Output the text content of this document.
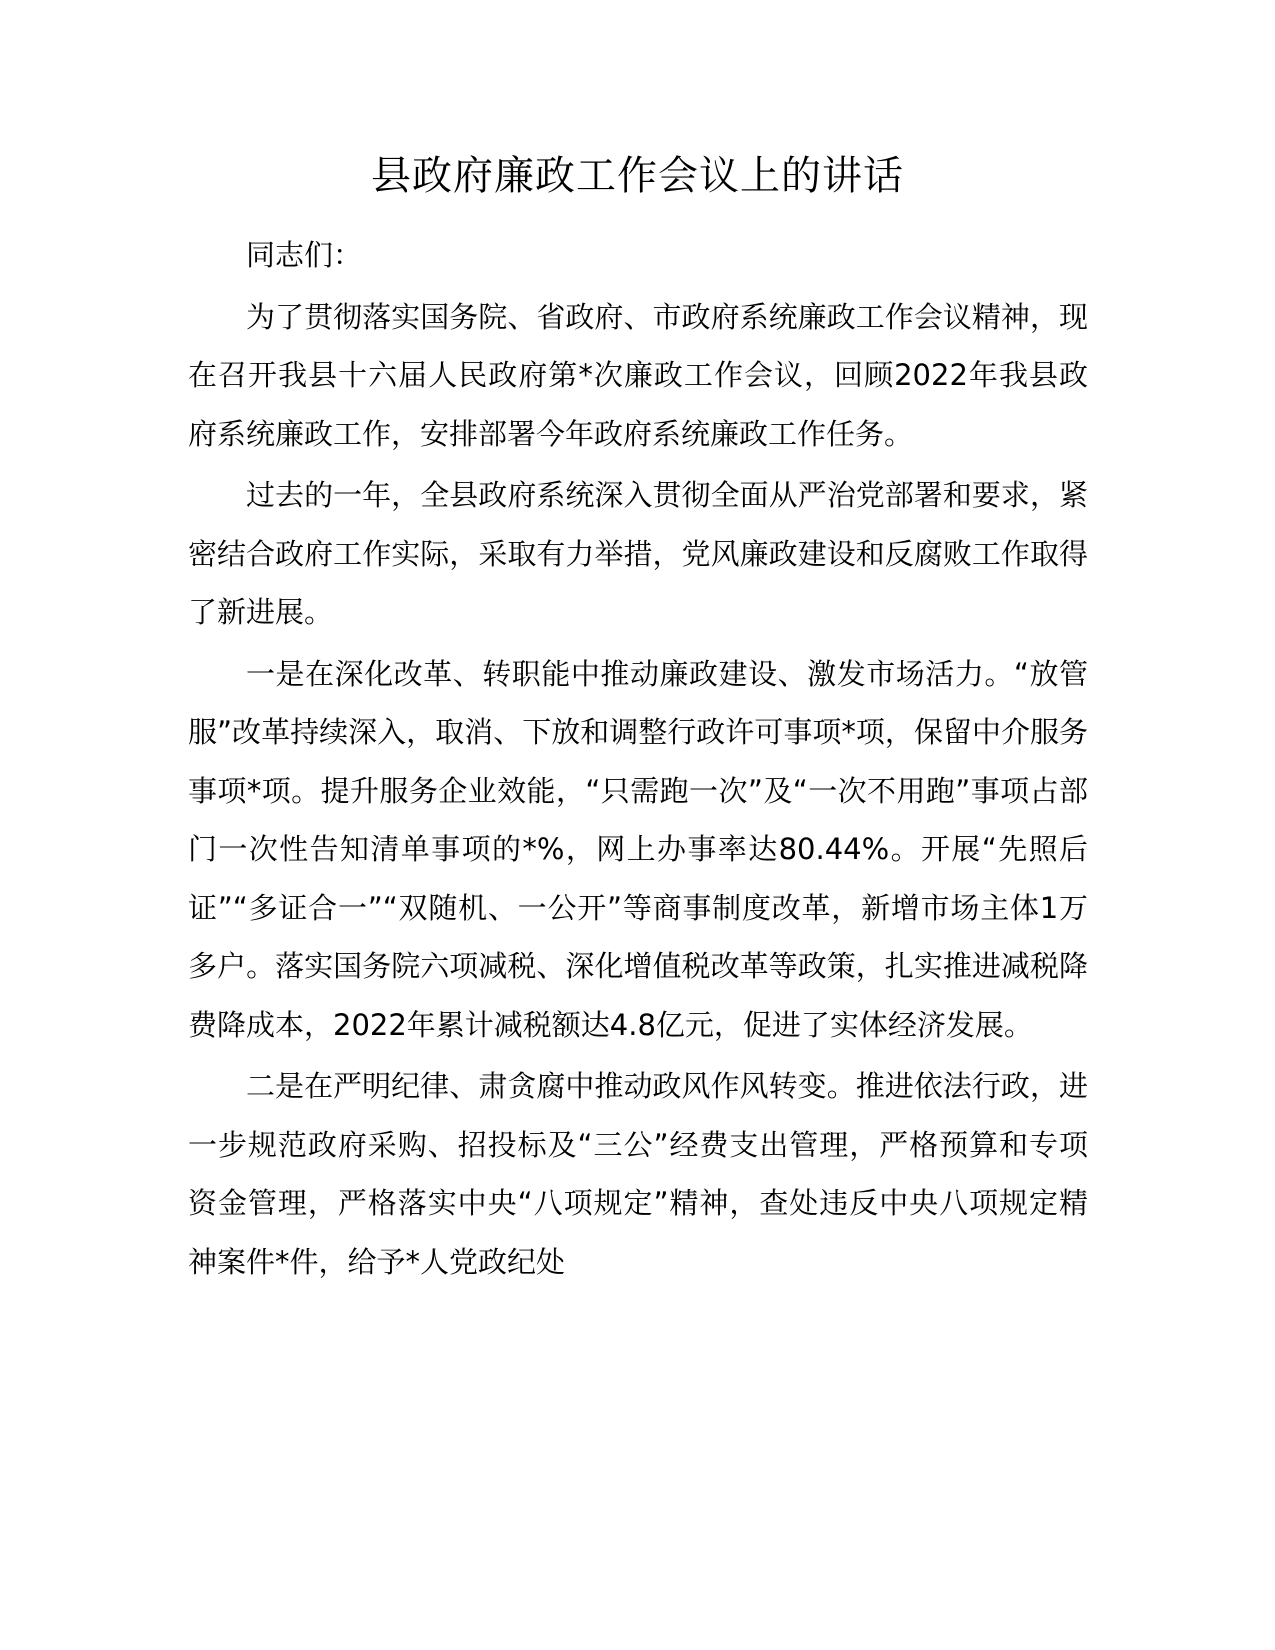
县政府廉政工作会议上的讲话

同志们：

为了贯彻落实国务院、省政府、市政府系统廉政工作会议精神，现在召开我县十六届人民政府第*次廉政工作会议，回顾2022年我县政府系统廉政工作，安排部署今年政府系统廉政工作任务。

过去的一年，全县政府系统深入贯彻全面从严治党部署和要求，紧密结合政府工作实际，采取有力举措，党风廉政建设和反腐败工作取得了新进展。

一是在深化改革、转职能中推动廉政建设、激发市场活力。“放管服”改革持续深入，取消、下放和调整行政许可事项*项，保留中介服务事项*项。提升服务企业效能，“只需跑一次”及“一次不用跑”事项占部门一次性告知清单事项的*%，网上办事率达80.44%。开展“先照后证”“多证合一”“双随机、一公开”等商事制度改革，新增市场主体1万多户。落实国务院六项减税、深化增值税改革等政策，扎实推进减税降费降成本，2022年累计减税额达4.8亿元，促进了实体经济发展。

二是在严明纪律、肃贪腐中推动政风作风转变。推进依法行政，进一步规范政府采购、招投标及“三公”经费支出管理，严格预算和专项资金管理，严格落实中央“八项规定”精神，查处违反中央八项规定精神案件*件，给予*人党政纪处
